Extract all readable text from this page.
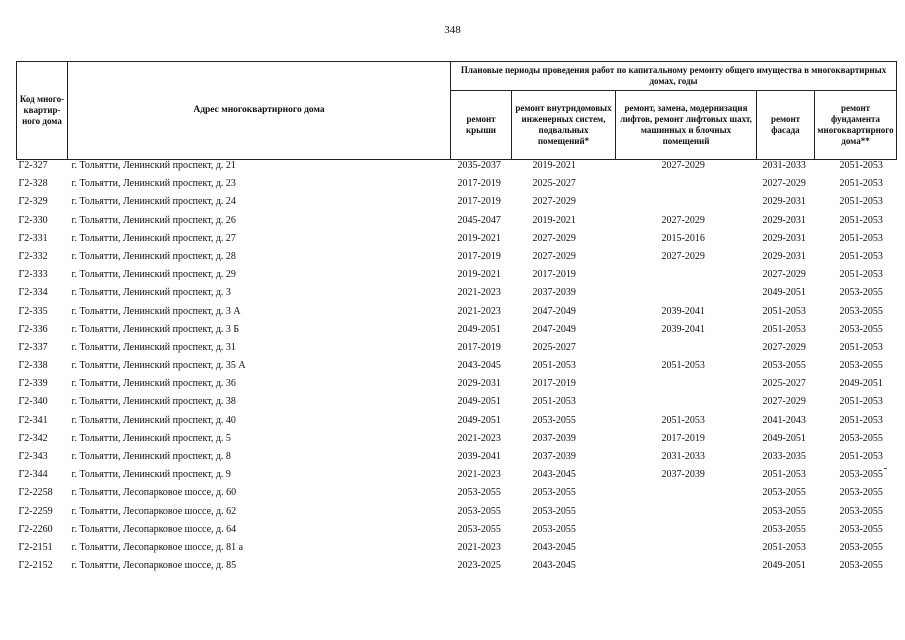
348
Код много-квартир-ного дома	Адрес многоквартирного дома	Плановые периоды проведения работ по капитальному ремонту общего имущества в многоквартирных домах, годы				
		ремонт крыши	ремонт внутридомовых инженерных систем, подвальных помещений*	ремонт, замена, модернизация лифтов, ремонт лифтовых шахт, машинных и блочных помещений	ремонт фасада	ремонт фундамента многоквартирного дома**
Г2-327	г. Тольятти, Ленинский проспект, д. 21	2035-2037	2019-2021	2027-2029	2031-2033	2051-2053
Г2-328	г. Тольятти, Ленинский проспект, д. 23	2017-2019	2025-2027		2027-2029	2051-2053
Г2-329	г. Тольятти, Ленинский проспект, д. 24	2017-2019	2027-2029		2029-2031	2051-2053
Г2-330	г. Тольятти, Ленинский проспект, д. 26	2045-2047	2019-2021	2027-2029	2029-2031	2051-2053
Г2-331	г. Тольятти, Ленинский проспект, д. 27	2019-2021	2027-2029	2015-2016	2029-2031	2051-2053
Г2-332	г. Тольятти, Ленинский проспект, д. 28	2017-2019	2027-2029	2027-2029	2029-2031	2051-2053
Г2-333	г. Тольятти, Ленинский проспект, д. 29	2019-2021	2017-2019		2027-2029	2051-2053
Г2-334	г. Тольятти, Ленинский проспект, д. 3	2021-2023	2037-2039		2049-2051	2053-2055
Г2-335	г. Тольятти, Ленинский проспект, д. 3 А	2021-2023	2047-2049	2039-2041	2051-2053	2053-2055
Г2-336	г. Тольятти, Ленинский проспект, д. 3 Б	2049-2051	2047-2049	2039-2041	2051-2053	2053-2055
Г2-337	г. Тольятти, Ленинский проспект, д. 31	2017-2019	2025-2027		2027-2029	2051-2053
Г2-338	г. Тольятти, Ленинский проспект, д. 35 А	2043-2045	2051-2053	2051-2053	2053-2055	2053-2055
Г2-339	г. Тольятти, Ленинский проспект, д. 36	2029-2031	2017-2019		2025-2027	2049-2051
Г2-340	г. Тольятти, Ленинский проспект, д. 38	2049-2051	2051-2053		2027-2029	2051-2053
Г2-341	г. Тольятти, Ленинский проспект, д. 40	2049-2051	2053-2055	2051-2053	2041-2043	2051-2053
Г2-342	г. Тольятти, Ленинский проспект, д. 5	2021-2023	2037-2039	2017-2019	2049-2051	2053-2055
Г2-343	г. Тольятти, Ленинский проспект, д. 8	2039-2041	2037-2039	2031-2033	2033-2035	2051-2053
Г2-344	г. Тольятти, Ленинский проспект, д. 9	2021-2023	2043-2045	2037-2039	2051-2053	2053-2055
Г2-2258	г. Тольятти, Лесопарковое шоссе, д. 60	2053-2055	2053-2055		2053-2055	2053-2055
Г2-2259	г. Тольятти, Лесопарковое шоссе, д. 62	2053-2055	2053-2055		2053-2055	2053-2055
Г2-2260	г. Тольятти, Лесопарковое шоссе, д. 64	2053-2055	2053-2055		2053-2055	2053-2055
Г2-2151	г. Тольятти, Лесопарковое шоссе, д. 81 а	2021-2023	2043-2045		2051-2053	2053-2055
Г2-2152	г. Тольятти, Лесопарковое шоссе, д. 85	2023-2025	2043-2045		2049-2051	2053-2055
